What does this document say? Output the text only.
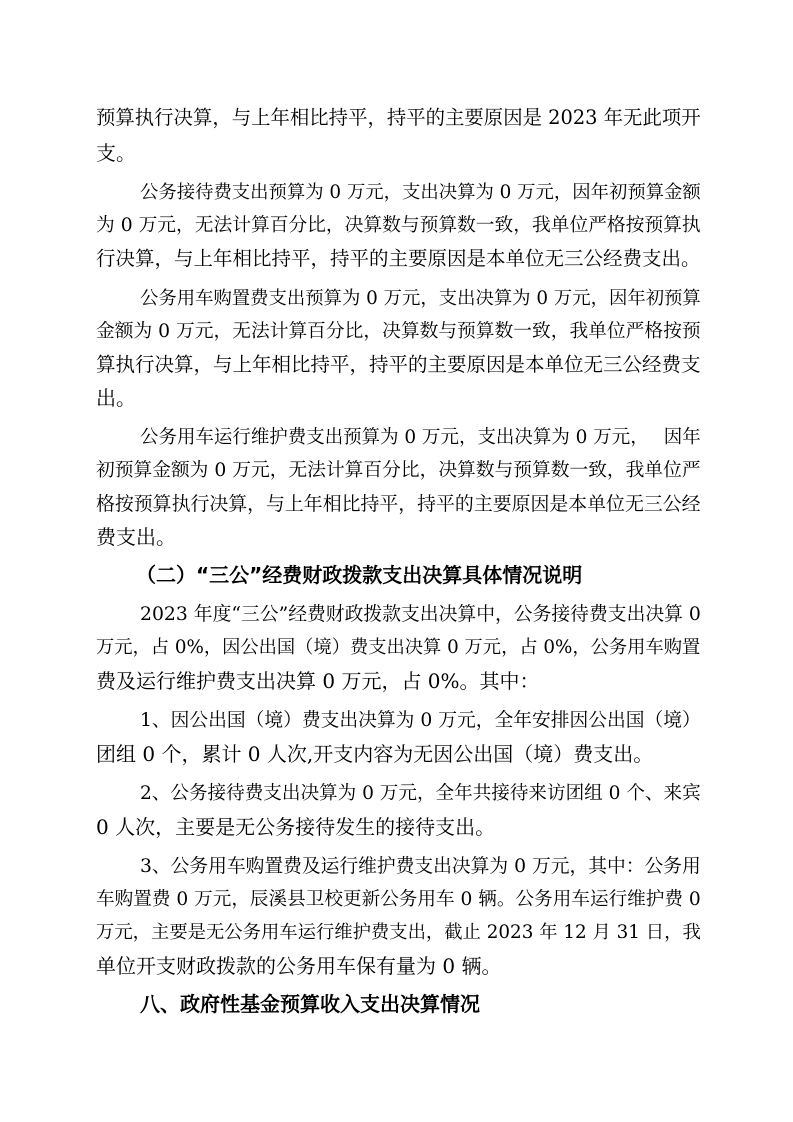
预算执行决算，与上年相比持平，持平的主要原因是 2023 年无此项开
支。
公务接待费支出预算为 0 万元，支出决算为 0 万元，因年初预算金额
为 0 万元，无法计算百分比，决算数与预算数一致，我单位严格按预算执
行决算，与上年相比持平，持平的主要原因是本单位无三公经费支出。
公务用车购置费支出预算为 0 万元，支出决算为 0 万元，因年初预算
金额为 0 万元，无法计算百分比，决算数与预算数一致，我单位严格按预
算执行决算，与上年相比持平，持平的主要原因是本单位无三公经费支
出。
公务用车运行维护费支出预算为 0 万元，支出决算为 0 万元，　 因年
初预算金额为 0 万元，无法计算百分比，决算数与预算数一致，我单位严
格按预算执行决算，与上年相比持平，持平的主要原因是本单位无三公经
费支出。
（二）“三公”经费财政拨款支出决算具体情况说明
2023 年度“三公”经费财政拨款支出决算中，公务接待费支出决算 0
万元，占 0%，因公出国（境）费支出决算 0 万元，占 0%，公务用车购置
费及运行维护费支出决算 0 万元，占 0%。其中：
1、因公出国（境）费支出决算为 0 万元，全年安排因公出国（境）
团组 0 个，累计 0 人次,开支内容为无因公出国（境）费支出。
2、公务接待费支出决算为 0 万元，全年共接待来访团组 0 个、来宾
0 人次，主要是无公务接待发生的接待支出。
3、公务用车购置费及运行维护费支出决算为 0 万元，其中：公务用
车购置费 0 万元，辰溪县卫校更新公务用车 0 辆。公务用车运行维护费 0
万元，主要是无公务用车运行维护费支出，截止 2023 年 12 月 31 日，我
单位开支财政拨款的公务用车保有量为 0 辆。
八、政府性基金预算收入支出决算情况
